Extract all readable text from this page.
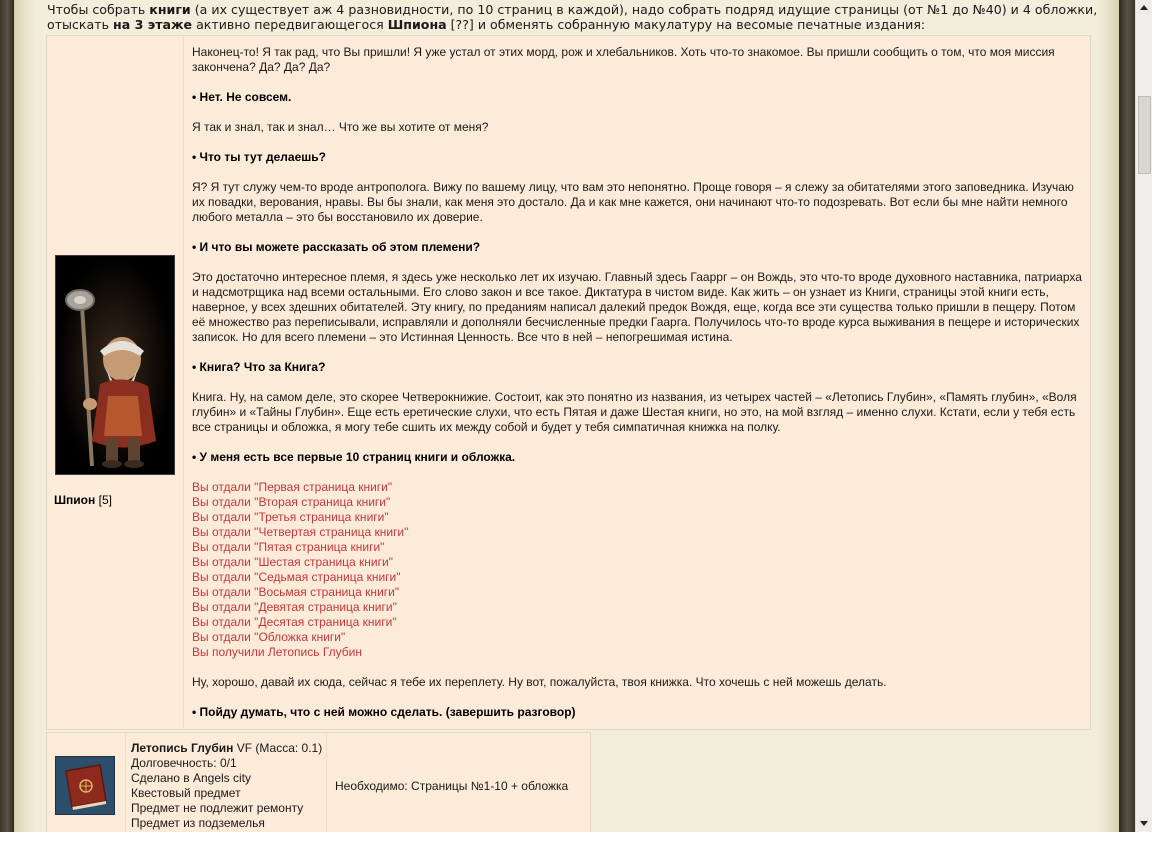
Чтобы собрать книги (а их существует аж 4 разновидности, по 10 страниц в каждой), надо собрать подряд идущие страницы (от №1 до №40) и 4 обложки, отыскать на 3 этаже активно передвигающегося Шпиона [??] и обменять собранную макулатуру на весомые печатные издания:
Шпион [5]

Наконец-то! Я так рад, что Вы пришли! Я уже устал от этих морд, рож и хлебальников. Хоть что-то знакомое. Вы пришли сообщить о том, что моя миссия закончена? Да? Да? Да?

• Нет. Не совсем.

Я так и знал, так и знал… Что же вы хотите от меня?

• Что ты тут делаешь?

Я? Я тут служу чем-то вроде антрополога. Вижу по вашему лицу, что вам это непонятно. Проще говоря – я слежу за обитателями этого заповедника. Изучаю их повадки, верования, нравы. Вы бы знали, как меня это достало. Да и как мне кажется, они начинают что-то подозревать. Вот если бы мне найти немного любого металла – это бы восстановило их доверие.

• И что вы можете рассказать об этом племени?

Это достаточно интересное племя, я здесь уже несколько лет их изучаю. Главный здесь Гааррг – он Вождь, это что-то вроде духовного наставника, патриарха и надсмотрщика над всеми остальными. Его слово закон и все такое. Диктатура в чистом виде. Как жить – он узнает из Книги, страницы этой книги есть, наверное, у всех здешних обитателей. Эту книгу, по преданиям написал далекий предок Вождя, еще, когда все эти существа только пришли в пещеру. Потом её множество раз переписывали, исправляли и дополняли бесчисленные предки Гаарга. Получилось что-то вроде курса выживания в пещере и исторических записок. Но для всего племени – это Истинная Ценность. Все что в ней – непогрешимая истина.

• Книга? Что за Книга?

Книга. Ну, на самом деле, это скорее Четверокнижие. Состоит, как это понятно из названия, из четырех частей – «Летопись Глубин», «Память глубин», «Воля глубин» и «Тайны Глубин». Еще есть еретические слухи, что есть Пятая и даже Шестая книги, но это, на мой взгляд – именно слухи. Кстати, если у тебя есть все страницы и обложка, я могу тебе сшить их между собой и будет у тебя симпатичная книжка на полку.

• У меня есть все первые 10 страниц книги и обложка.

Вы отдали "Первая страница книги"
Вы отдали "Вторая страница книги"
Вы отдали "Третья страница книги"
Вы отдали "Четвертая страница книги"
Вы отдали "Пятая страница книги"
Вы отдали "Шестая страница книги"
Вы отдали "Седьмая страница книги"
Вы отдали "Восьмая страница книги"
Вы отдали "Девятая страница книги"
Вы отдали "Десятая страница книги"
Вы отдали "Обложка книги"
Вы получили Летопись Глубин

Ну, хорошо, давай их сюда, сейчас я тебе их переплету. Ну вот, пожалуйста, твоя книжка. Что хочешь с ней можешь делать.

• Пойду думать, что с ней можно сделать. (завершить разговор)

Летопись Глубин VF (Масса: 0.1)
Долговечность: 0/1
Сделано в Angels city
Квестовый предмет
Предмет не подлежит ремонту
Предмет из подземелья
Необходимо: Страницы №1-10 + обложка
